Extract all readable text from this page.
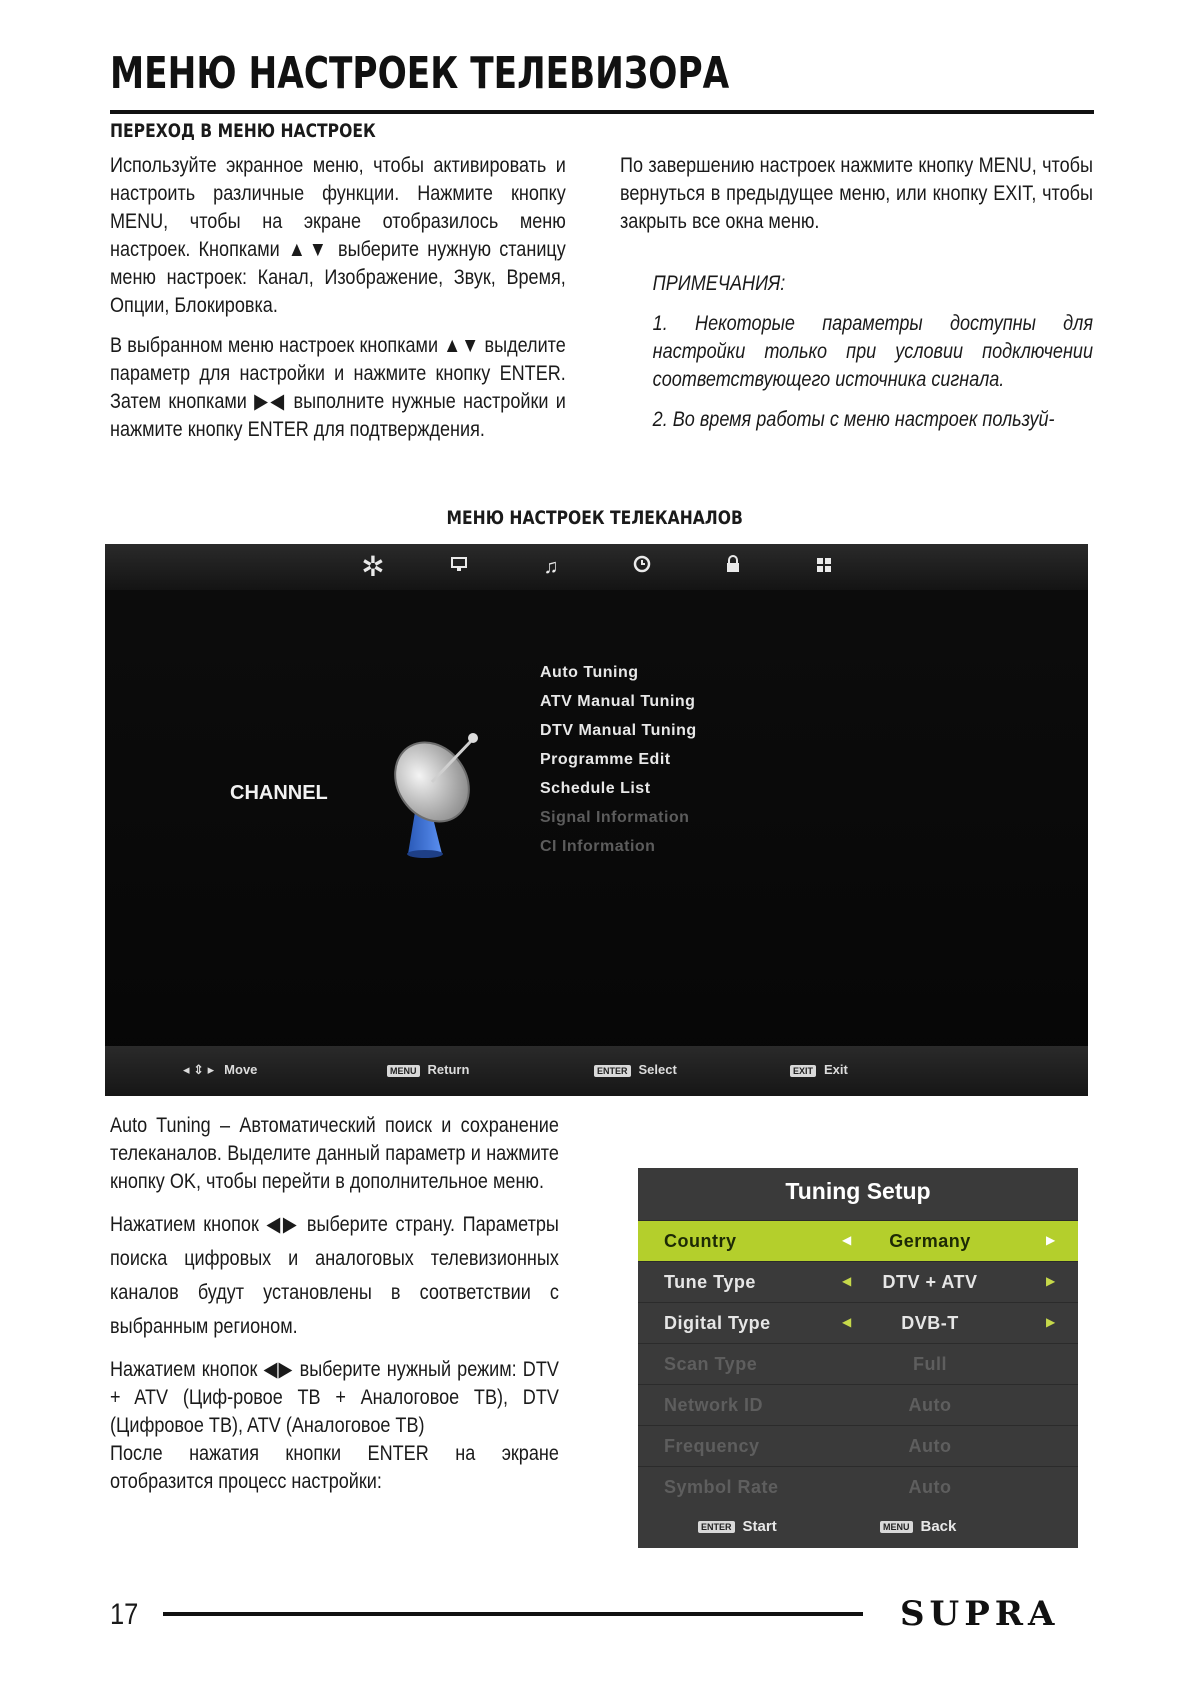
МЕНЮ НАСТРОЕК ТЕЛЕВИЗОРА
ПЕРЕХОД В МЕНЮ НАСТРОЕК

Используйте экранное меню, чтобы активировать и настроить различные функции. Нажмите кнопку MENU, чтобы на экране отобразилось меню настроек. Кнопками ▲▼ выберите нужную станицу меню настроек: Канал, Изображение, Звук, Время, Опции, Блокировка.

В выбранном меню настроек кнопками ▲▼ выделите параметр для настройки и нажмите кнопку ENTER. Затем кнопками ▶◀ выполните нужные настройки и нажмите кнопку ENTER для подтверждения.

По завершению настроек нажмите кнопку MENU, чтобы вернуться в предыдущее меню, или кнопку EXIT, чтобы закрыть все окна меню.

ПРИМЕЧАНИЯ:

1. Некоторые параметры доступны для настройки только при условии подключении соответствующего источника сигнала.

2. Во время работы с меню настроек пользуй-

МЕНЮ НАСТРОЕК ТЕЛЕКАНАЛОВ
✲	♫
CHANNEL
Auto Tuning
ATV Manual Tuning
DTV Manual Tuning
Programme Edit
Schedule List
Signal Information
CI Information
◂ ⇕ ▸ Move	MENU Return	ENTER Select	EXIT Exit

Auto Tuning – Автоматический поиск и сохранение телеканалов. Выделите данный параметр и нажмите кнопку OK, чтобы перейти в дополнительное меню.

Нажатием кнопок ◀▶ выберите страну. Параметры поиска цифровых и аналоговых телевизионных каналов будут установлены в соответствии с выбранным регионом.

Нажатием кнопок ◀▶ выберите нужный режим: DTV + ATV (Циф-ровое ТВ + Аналоговое ТВ), DTV (Цифровое ТВ), ATV (Аналоговое ТВ)

После нажатия кнопки ENTER на экране отобразится процесс настройки:

Tuning Setup
Country	◀	Germany	▶
Tune Type	◀	DTV + ATV	▶
Digital Type	◀	DVB-T	▶
Scan Type	Full
Network ID	Auto
Frequency	Auto
Symbol Rate	Auto
ENTER Start	MENU Back
17	SUPRA
